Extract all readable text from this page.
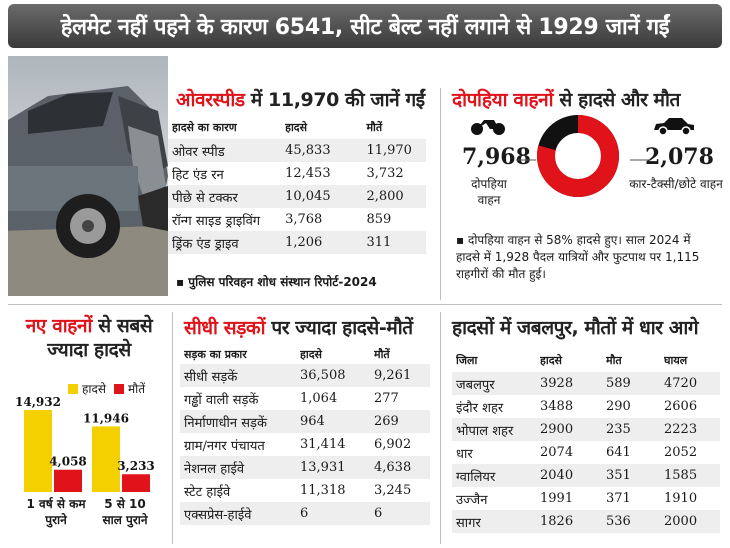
हेलमेट नहीं पहने के कारण 6541, सीट बेल्ट नहीं लगाने से 1929 जानें गईं
ओवरस्पीड में 11,970 की जानें गईं
हादसे का कारण	हादसे	मौतें
ओवर स्पीड	45,833	11,970
हिट एंड रन	12,453	3,732
पीछे से टक्कर	10,045	2,800
रॉन्ग साइड ड्राइविंग	3,768	859
ड्रिंक एंड ड्राइव	1,206	311
▪ पुलिस परिवहन शोध संस्थान रिपोर्ट-2024
दोपहिया वाहनों से हादसे और मौत
7,968
दोपहिया वाहन
2,078
कार-टैक्सी/छोटे वाहन
▪ दोपहिया वाहन से 58% हादसे हुए। साल 2024 में हादसे में 1,928 पैदल यात्रियों और फुटपाथ पर 1,115 राहगीरों की मौत हुई।
नए वाहनों से सबसे ज्यादा हादसे
हादसे मौतें
14,932
4,058
11,946
3,233
1 वर्ष से कम पुराने
5 से 10 साल पुराने
सीधी सड़कों पर ज्यादा हादसे-मौतें
सड़क का प्रकार	हादसे	मौतें
सीधी सड़कें	36,508	9,261
गड्ढों वाली सड़कें	1,064	277
निर्माणाधीन सड़कें	964	269
ग्राम/नगर पंचायत	31,414	6,902
नेशनल हाईवे	13,931	4,638
स्टेट हाईवे	11,318	3,245
एक्सप्रेस-हाईवे	6	6
हादसों में जबलपुर, मौतों में धार आगे
जिला	हादसे	मौत	घायल
जबलपुर	3928	589	4720
इंदौर शहर	3488	290	2606
भोपाल शहर	2900	235	2223
धार	2074	641	2052
ग्वालियर	2040	351	1585
उज्जैन	1991	371	1910
सागर	1826	536	2000
